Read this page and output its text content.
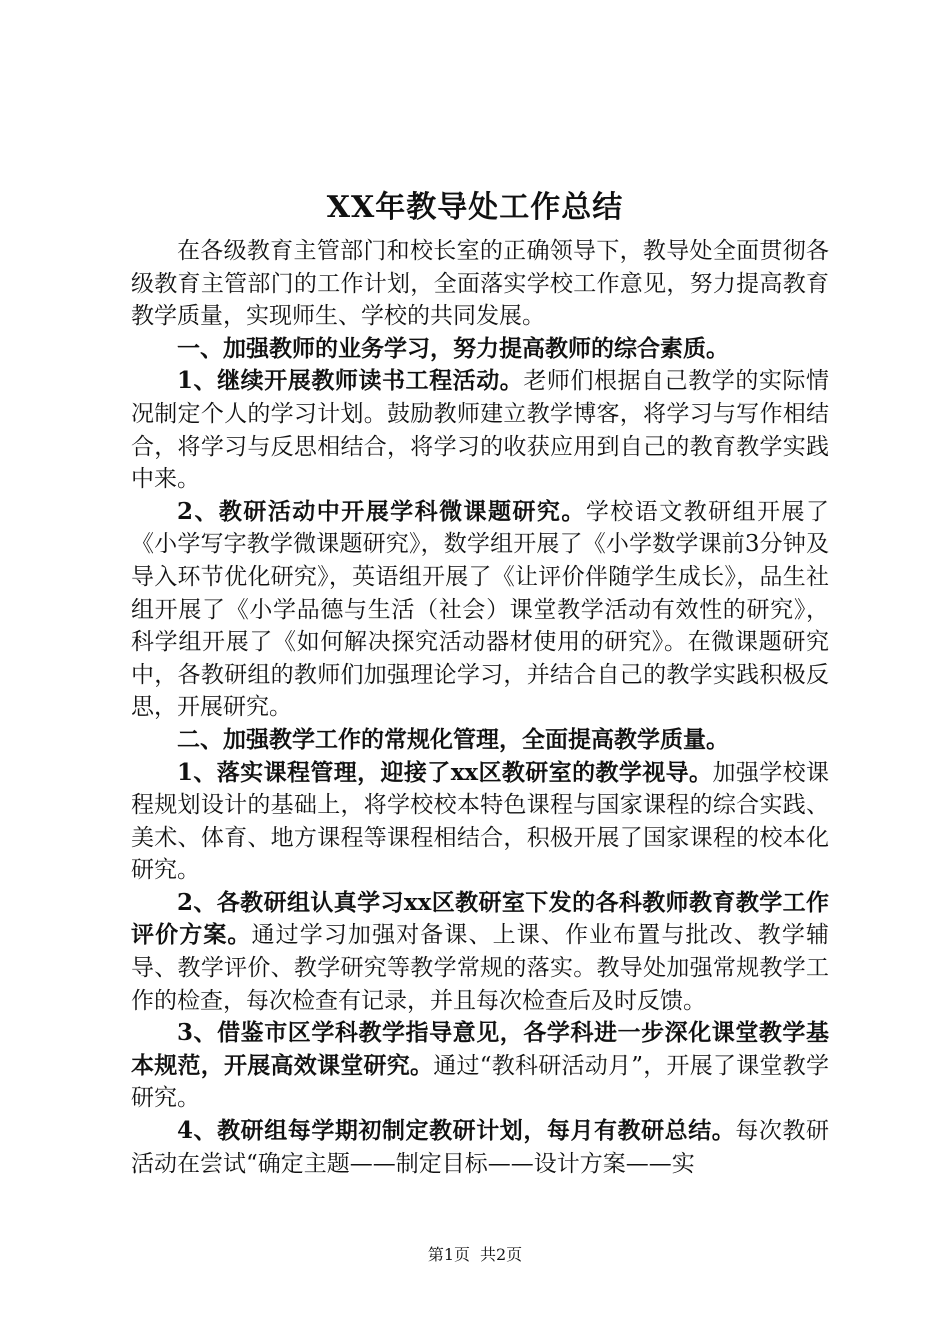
XX年教导处工作总结

在各级教育主管部门和校长室的正确领导下，教导处全面贯彻各级教育主管部门的工作计划，全面落实学校工作意见，努力提高教育教学质量，实现师生、学校的共同发展。

一、加强教师的业务学习，努力提高教师的综合素质。

1、继续开展教师读书工程活动。老师们根据自己教学的实际情况制定个人的学习计划。鼓励教师建立教学博客，将学习与写作相结合，将学习与反思相结合，将学习的收获应用到自己的教育教学实践中来。

2、教研活动中开展学科微课题研究。学校语文教研组开展了《小学写字教学微课题研究》，数学组开展了《小学数学课前3分钟及导入环节优化研究》，英语组开展了《让评价伴随学生成长》，品生社组开展了《小学品德与生活（社会）课堂教学活动有效性的研究》，科学组开展了《如何解决探究活动器材使用的研究》。在微课题研究中，各教研组的教师们加强理论学习，并结合自己的教学实践积极反思，开展研究。

二、加强教学工作的常规化管理，全面提高教学质量。

1、落实课程管理，迎接了xx区教研室的教学视导。加强学校课程规划设计的基础上，将学校校本特色课程与国家课程的综合实践、美术、体育、地方课程等课程相结合，积极开展了国家课程的校本化研究。

2、各教研组认真学习xx区教研室下发的各科教师教育教学工作评价方案。通过学习加强对备课、上课、作业布置与批改、教学辅导、教学评价、教学研究等教学常规的落实。教导处加强常规教学工作的检查，每次检查有记录，并且每次检查后及时反馈。

3、借鉴市区学科教学指导意见，各学科进一步深化课堂教学基本规范，开展高效课堂研究。通过“教科研活动月”，开展了课堂教学研究。

4、教研组每学期初制定教研计划，每月有教研总结。每次教研活动在尝试“确定主题——制定目标——设计方案——实

第1页 共2页
